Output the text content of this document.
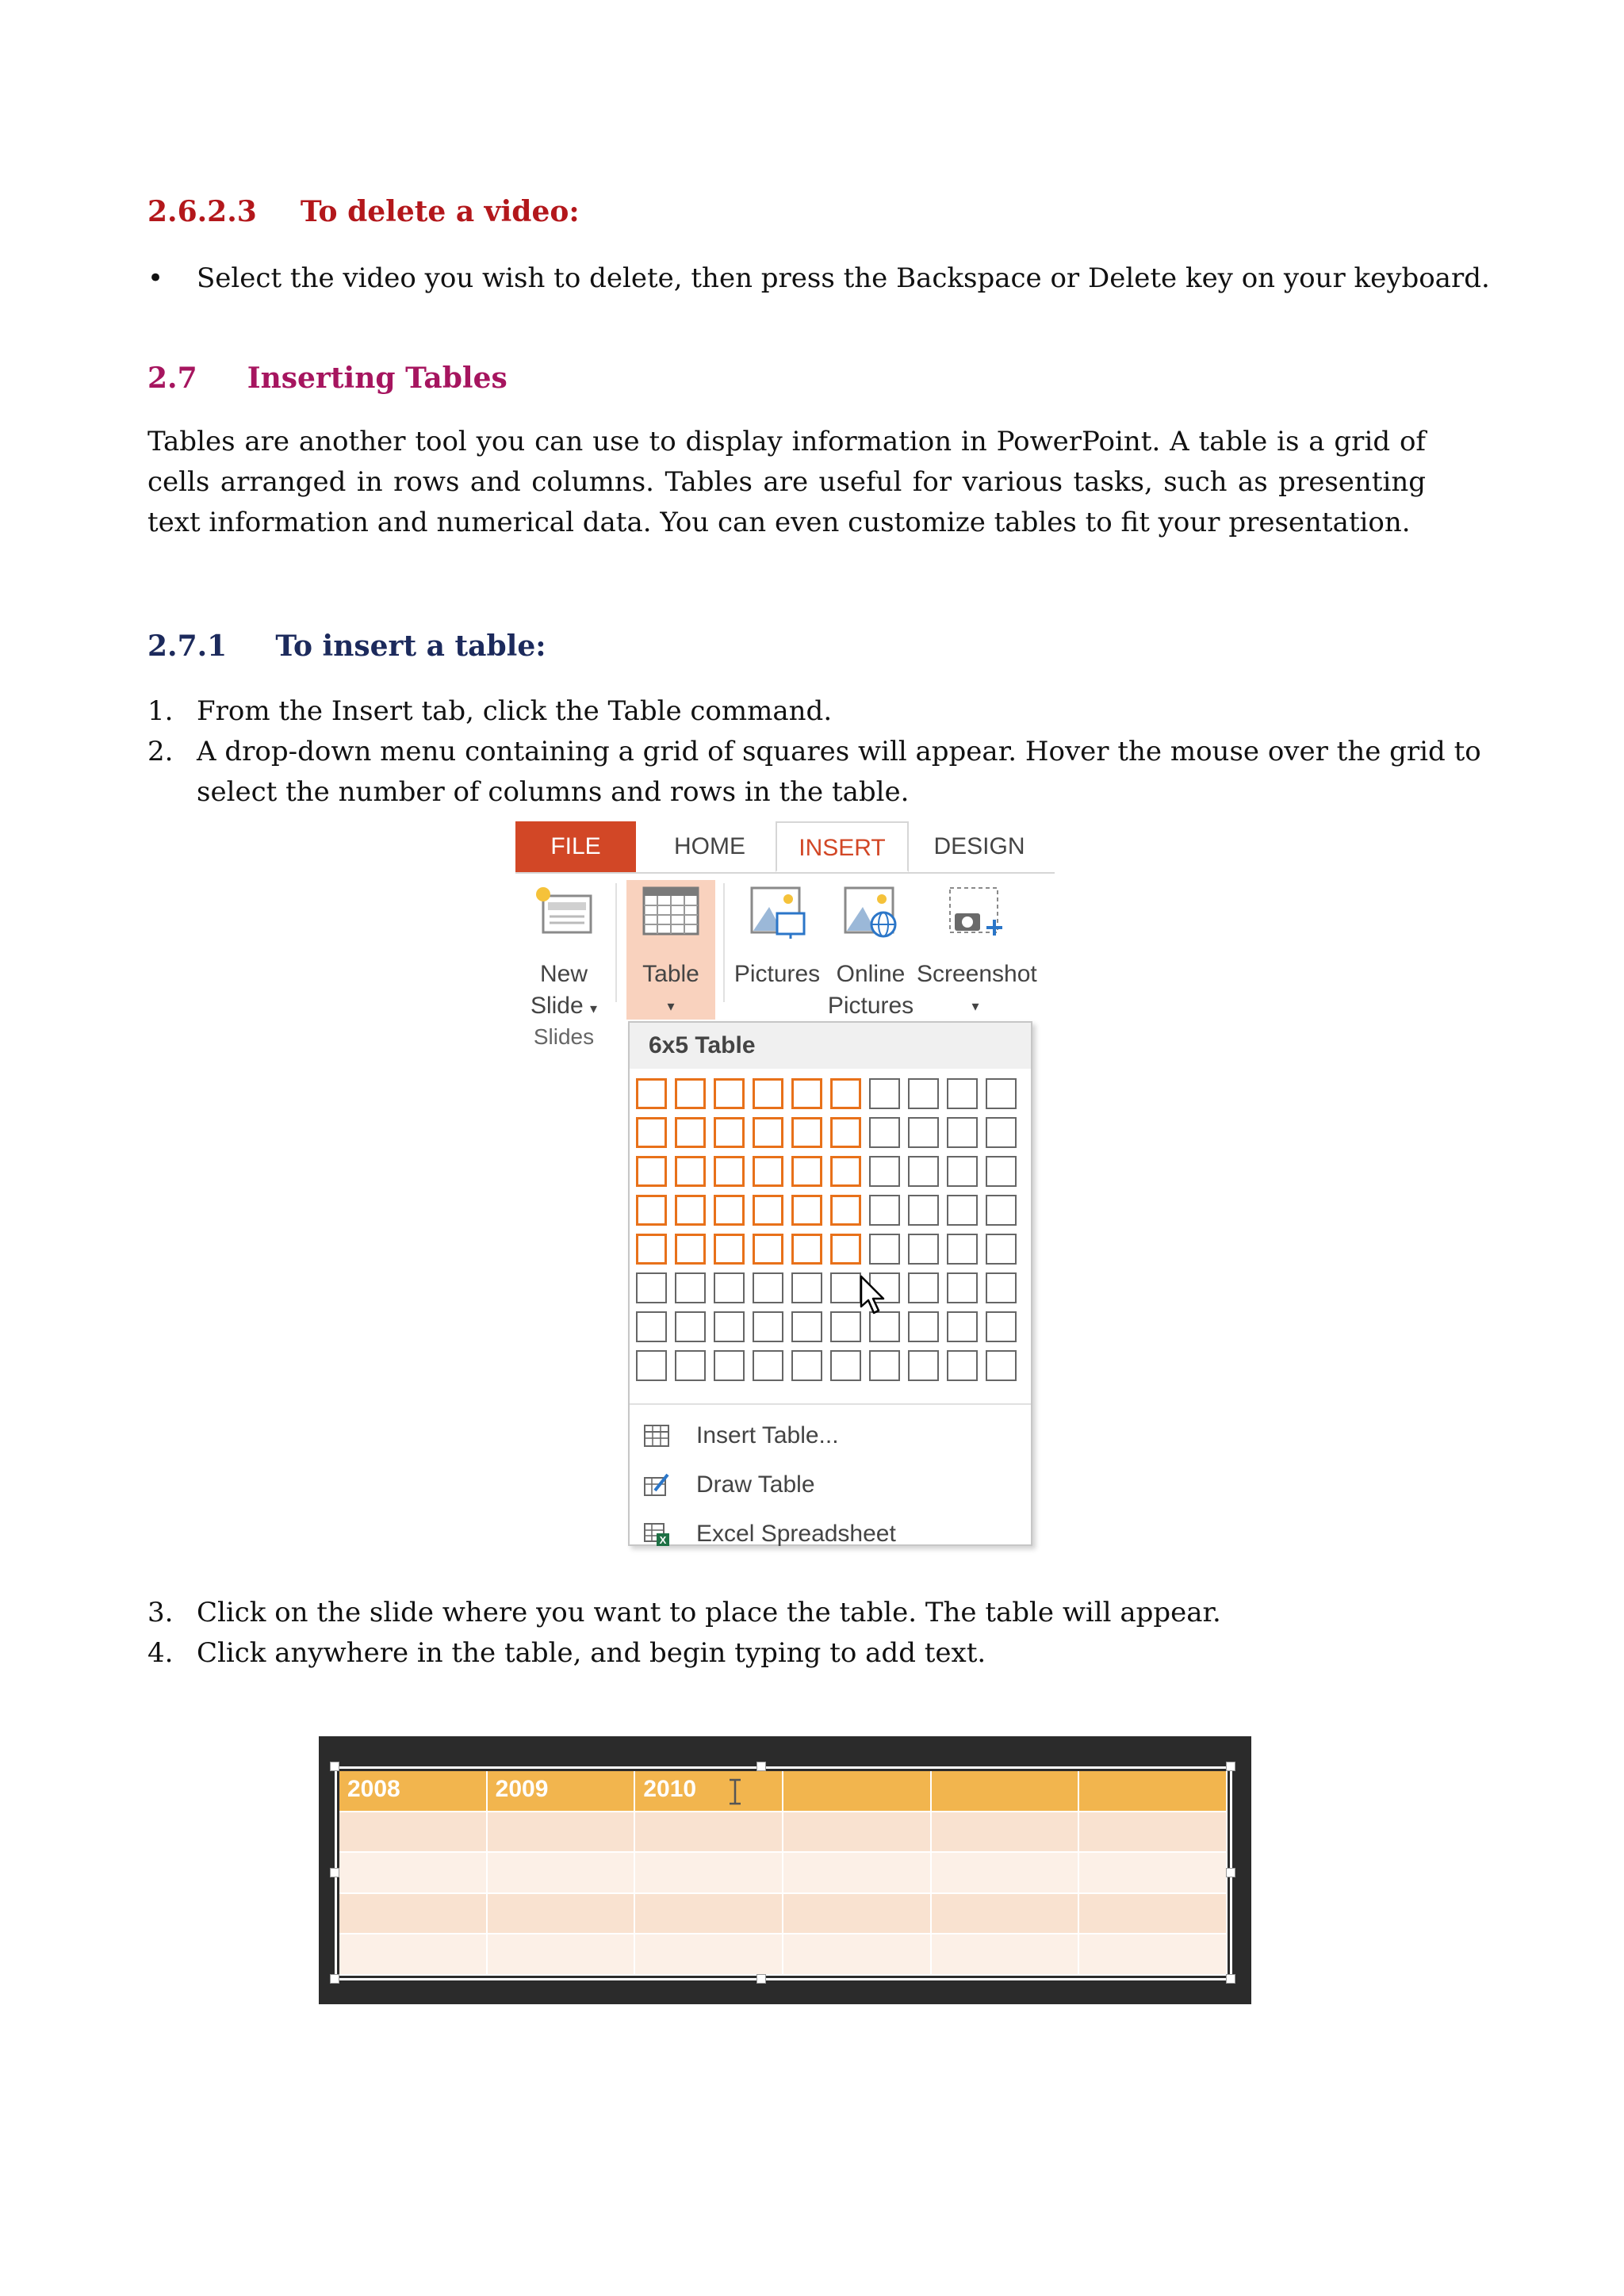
2.6.2.3 To delete a video:
• Select the video you wish to delete, then press the Backspace or Delete key on your keyboard.
2.7 Inserting Tables
Tables are another tool you can use to display information in PowerPoint. A table is a grid of cells arranged in rows and columns. Tables are useful for various tasks, such as presenting text information and numerical data. You can even customize tables to fit your presentation.
2.7.1 To insert a table:
1. From the Insert tab, click the Table command.
2. A drop-down menu containing a grid of squares will appear. Hover the mouse over the grid to
select the number of columns and rows in the table.
FILE	HOME	INSERT	DESIGN
New
Slide ▾
Slides
Table
▾
Pictures Online
Pictures
Screenshot
▾
6x5 Table
Insert Table...
Draw Table
X Excel Spreadsheet
3. Click on the slide where you want to place the table. The table will appear.
4. Click anywhere in the table, and begin typing to add text.
2008	2009	2010
